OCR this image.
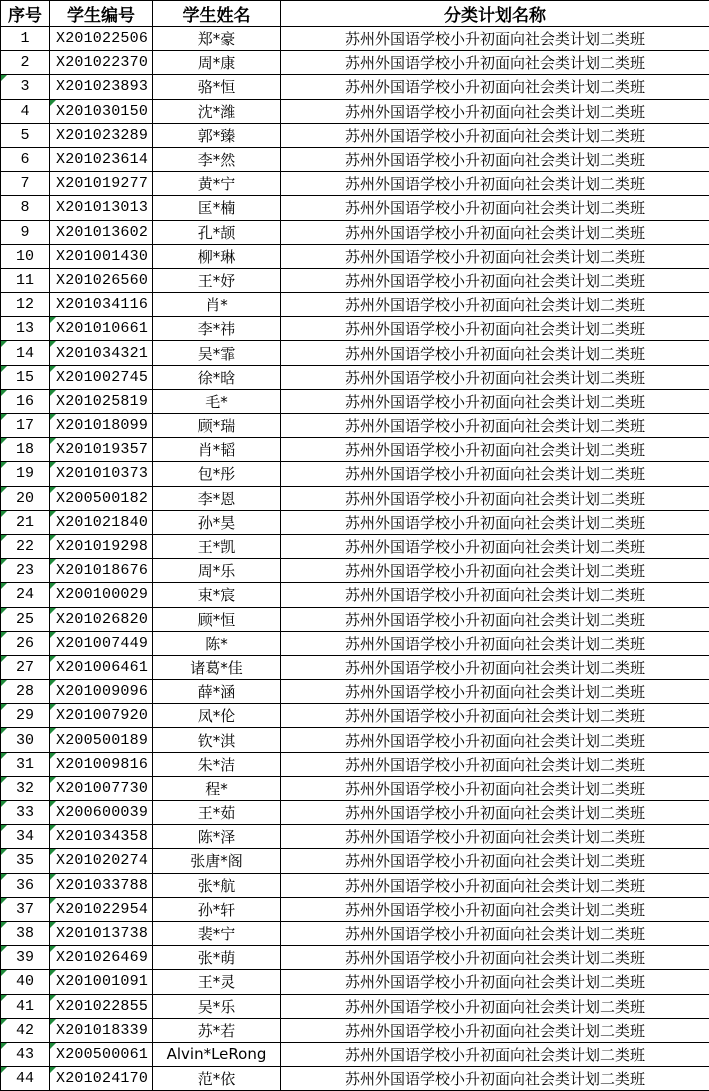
序号	学生编号	学生姓名	分类计划名称
1	X201022506	郑*豪	苏州外国语学校小升初面向社会类计划二类班
2	X201022370	周*康	苏州外国语学校小升初面向社会类计划二类班
3	X201023893	骆*恒	苏州外国语学校小升初面向社会类计划二类班
4	X201030150	沈*潍	苏州外国语学校小升初面向社会类计划二类班
5	X201023289	郭*臻	苏州外国语学校小升初面向社会类计划二类班
6	X201023614	李*然	苏州外国语学校小升初面向社会类计划二类班
7	X201019277	黄*宁	苏州外国语学校小升初面向社会类计划二类班
8	X201013013	匡*楠	苏州外国语学校小升初面向社会类计划二类班
9	X201013602	孔*颉	苏州外国语学校小升初面向社会类计划二类班
10	X201001430	柳*琳	苏州外国语学校小升初面向社会类计划二类班
11	X201026560	王*妤	苏州外国语学校小升初面向社会类计划二类班
12	X201034116	肖*	苏州外国语学校小升初面向社会类计划二类班
13	X201010661	李*祎	苏州外国语学校小升初面向社会类计划二类班
14	X201034321	吴*霏	苏州外国语学校小升初面向社会类计划二类班
15	X201002745	徐*晗	苏州外国语学校小升初面向社会类计划二类班
16	X201025819	毛*	苏州外国语学校小升初面向社会类计划二类班
17	X201018099	顾*瑞	苏州外国语学校小升初面向社会类计划二类班
18	X201019357	肖*韬	苏州外国语学校小升初面向社会类计划二类班
19	X201010373	包*彤	苏州外国语学校小升初面向社会类计划二类班
20	X200500182	李*恩	苏州外国语学校小升初面向社会类计划二类班
21	X201021840	孙*昊	苏州外国语学校小升初面向社会类计划二类班
22	X201019298	王*凯	苏州外国语学校小升初面向社会类计划二类班
23	X201018676	周*乐	苏州外国语学校小升初面向社会类计划二类班
24	X200100029	束*宸	苏州外国语学校小升初面向社会类计划二类班
25	X201026820	顾*恒	苏州外国语学校小升初面向社会类计划二类班
26	X201007449	陈*	苏州外国语学校小升初面向社会类计划二类班
27	X201006461	诸葛*佳	苏州外国语学校小升初面向社会类计划二类班
28	X201009096	薛*涵	苏州外国语学校小升初面向社会类计划二类班
29	X201007920	凤*伦	苏州外国语学校小升初面向社会类计划二类班
30	X200500189	钦*淇	苏州外国语学校小升初面向社会类计划二类班
31	X201009816	朱*洁	苏州外国语学校小升初面向社会类计划二类班
32	X201007730	程*	苏州外国语学校小升初面向社会类计划二类班
33	X200600039	王*茹	苏州外国语学校小升初面向社会类计划二类班
34	X201034358	陈*泽	苏州外国语学校小升初面向社会类计划二类班
35	X201020274	张唐*阁	苏州外国语学校小升初面向社会类计划二类班
36	X201033788	张*航	苏州外国语学校小升初面向社会类计划二类班
37	X201022954	孙*轩	苏州外国语学校小升初面向社会类计划二类班
38	X201013738	裴*宁	苏州外国语学校小升初面向社会类计划二类班
39	X201026469	张*萌	苏州外国语学校小升初面向社会类计划二类班
40	X201001091	王*灵	苏州外国语学校小升初面向社会类计划二类班
41	X201022855	吴*乐	苏州外国语学校小升初面向社会类计划二类班
42	X201018339	苏*若	苏州外国语学校小升初面向社会类计划二类班
43	X200500061	Alvin*LeRong	苏州外国语学校小升初面向社会类计划二类班
44	X201024170	范*依	苏州外国语学校小升初面向社会类计划二类班
